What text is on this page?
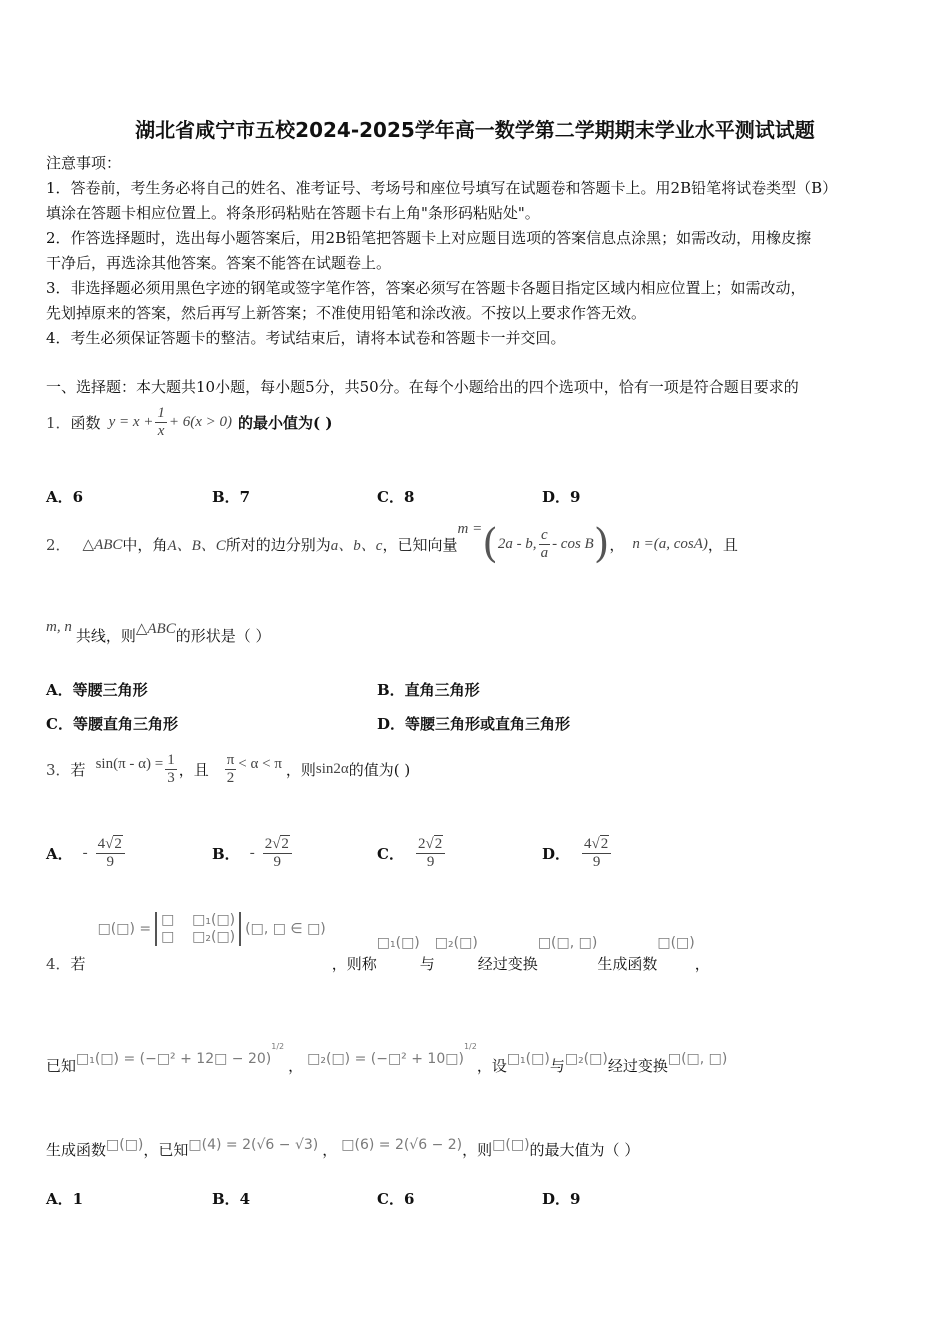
湖北省咸宁市五校2024-2025学年高一数学第二学期期末学业水平测试试题
注意事项：
1．答卷前，考生务必将自己的姓名、准考证号、考场号和座位号填写在试题卷和答题卡上。用2B铅笔将试卷类型（B）
填涂在答题卡相应位置上。将条形码粘贴在答题卡右上角"条形码粘贴处"。
2．作答选择题时，选出每小题答案后，用2B铅笔把答题卡上对应题目选项的答案信息点涂黑；如需改动，用橡皮擦
干净后，再选涂其他答案。答案不能答在试题卷上。
3．非选择题必须用黑色字迹的钢笔或签字笔作答，答案必须写在答题卡各题目指定区域内相应位置上；如需改动，
先划掉原来的答案，然后再写上新答案；不准使用铅笔和涂改液。不按以上要求作答无效。
4．考生必须保证答题卡的整洁。考试结束后，请将本试卷和答题卡一并交回。
一、选择题：本大题共10小题，每小题5分，共50分。在每个小题给出的四个选项中，恰有一项是符合题目要求的
1． 函数 $y = x + \frac{1}{x} + 6(x > 0)$ 的最小值为( )
A．6	B．7	C．8	D．9
2． △ABC 中，角 A、B、C 所对的边分别为 a、b、c ，已知向量
m = ( 2a - b, $\frac{c}{a}$ - cos B ) ， n =(a, cosA) ，且
m, n 共线，则 △ABC 的形状是（ ）
A．等腰三角形	B．直角三角形
C．等腰直角三角形	D．等腰三角形或直角三角形
3． 若 $\sin(\pi - \alpha) = \frac{1}{3}$ ，且 $\frac{\pi}{2} < \alpha < \pi$ ，则 sin2α 的值为( )
A． - $\frac{4√2}{9}$	B． - $\frac{2√2}{9}$	C． $\frac{2√2}{9}$	D． $\frac{4√2}{9}$
4． 若
□(□) =
□    □₁(□)
□    □₂(□) (□, □ ∈ □)
，则称
□₁(□)
与
□₂(□)
经过变换
□(□, □)
生成函数
□(□)
，
已知 □₁(□) = (−□² + 12□ − 20)
1/2
， □₂(□) = (−□² + 10□)
1/2
，设 □₁(□) 与 □₂(□) 经过变换 □(□, □)
生成函数 □(□) ，已知 □(4) = 2(√6 − √3) ， □(6) = 2(√6 − 2) ，则 □(□) 的最大值为（ ）
A．1	B．4	C．6	D．9
